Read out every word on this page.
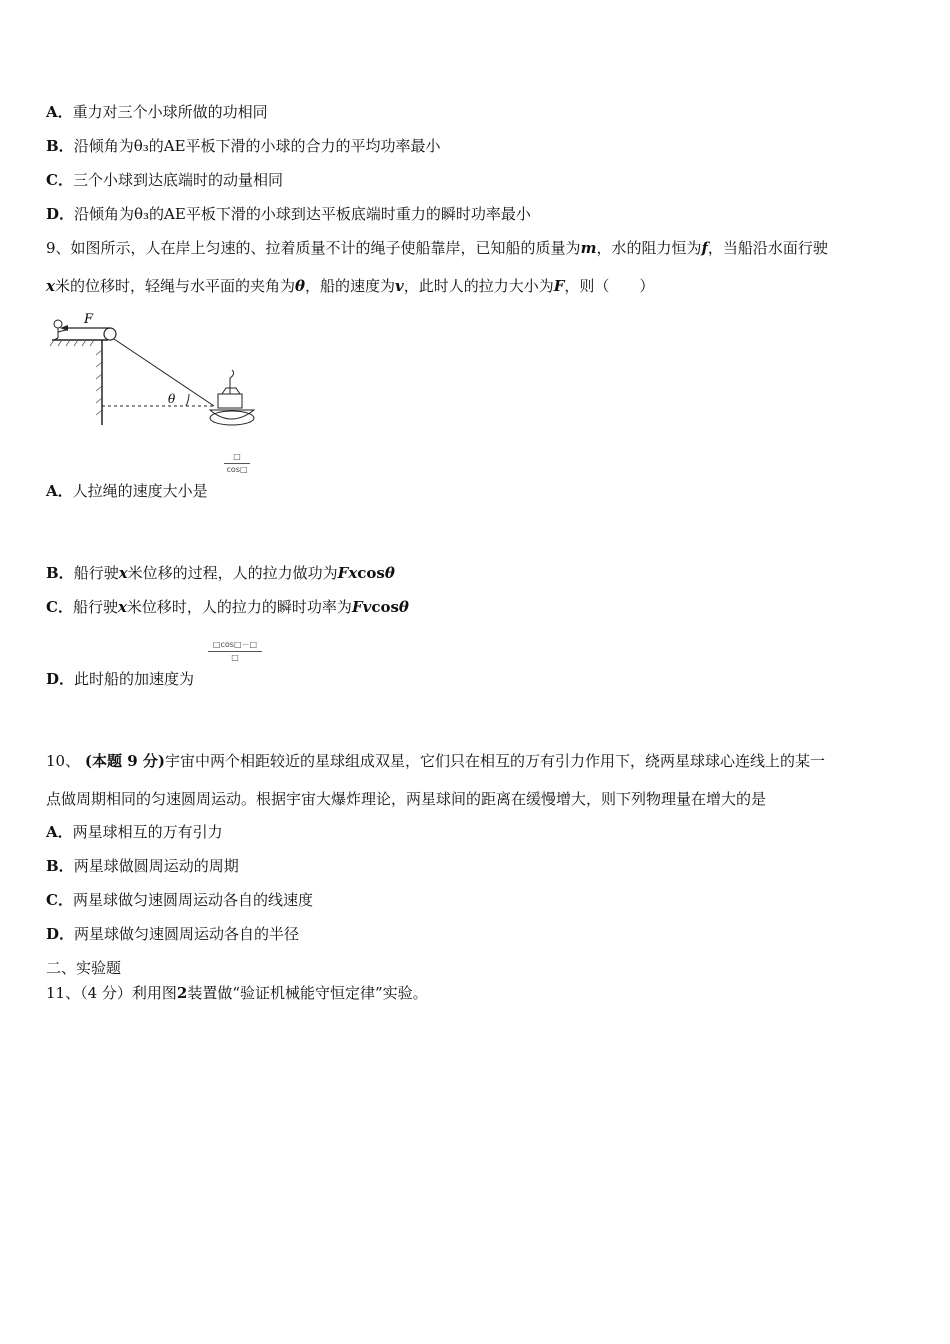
A．重力对三个小球所做的功相同
B．沿倾角为θ₃的AE平板下滑的小球的合力的平均功率最小
C．三个小球到达底端时的动量相同
D．沿倾角为θ₃的AE平板下滑的小球到达平板底端时重力的瞬时功率最小
9、如图所示，人在岸上匀速的、拉着质量不计的绳子使船靠岸，已知船的质量为m，水的阻力恒为f，当船沿水面行驶
x米的位移时，轻绳与水平面的夹角为θ，船的速度为v，此时人的拉力大小为F，则（　　）
F
θ
□
cos□
A．人拉绳的速度大小是
B．船行驶x米位移的过程，人的拉力做功为Fxcosθ
C．船行驶x米位移时，人的拉力的瞬时功率为Fvcosθ
□cos□－□
□
D．此时船的加速度为
10、 (本题 9 分)宇宙中两个相距较近的星球组成双星，它们只在相互的万有引力作用下，绕两星球球心连线上的某一
点做周期相同的匀速圆周运动。根据宇宙大爆炸理论，两星球间的距离在缓慢增大，则下列物理量在增大的是
A．两星球相互的万有引力
B．两星球做圆周运动的周期
C．两星球做匀速圆周运动各自的线速度
D．两星球做匀速圆周运动各自的半径
二、实验题
11、（4 分）利用图2装置做“验证机械能守恒定律”实验。
